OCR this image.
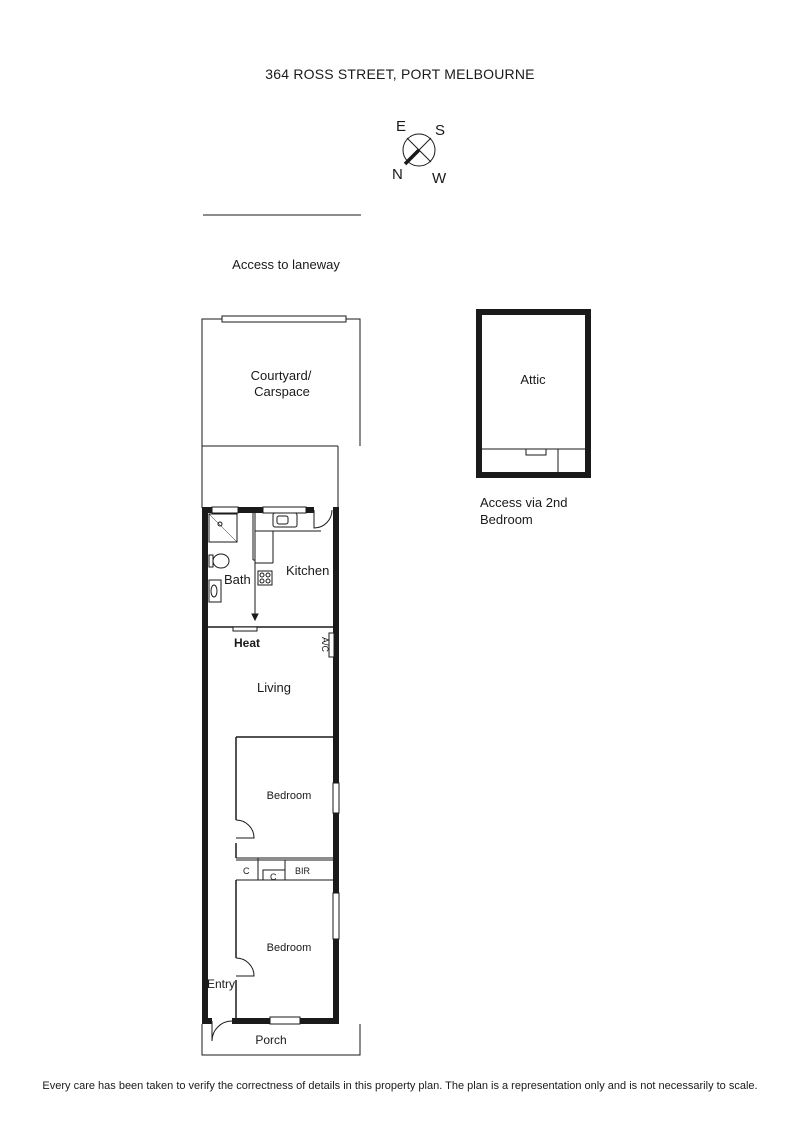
364 ROSS STREET, PORT MELBOURNE
E S
N W
Access to laneway
Courtyard/
Carspace
Bath
Kitchen
Heat	A/C
Living
Bedroom
C
C
BIR
Bedroom
Entry
Porch
Attic
Access via 2nd
Bedroom
Every care has been taken to verify the correctness of details in this property plan. The plan is a representation only and is not necessarily to scale.
